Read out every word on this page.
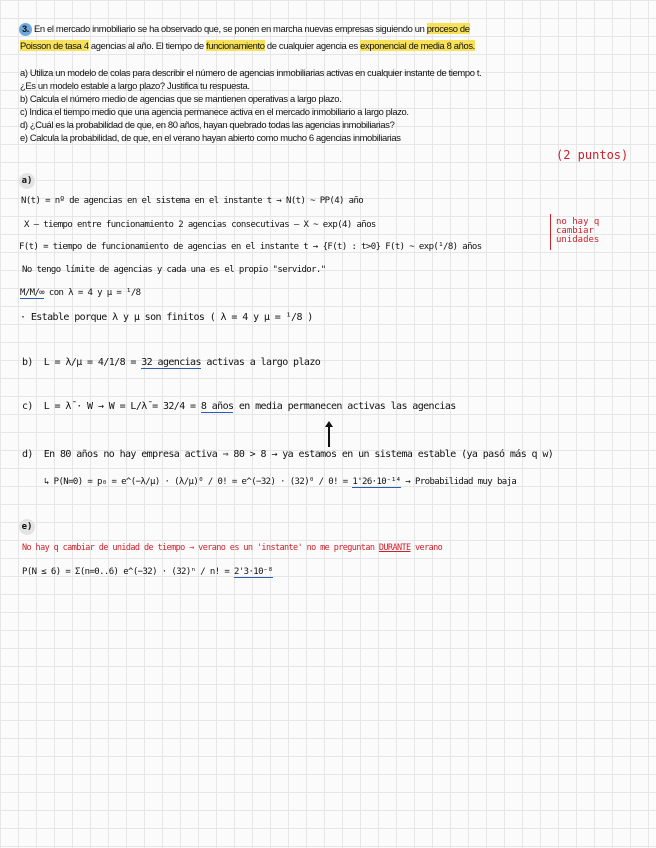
3. En el mercado inmobiliario se ha observado que, se ponen en marcha nuevas empresas siguiendo un proceso de
Poisson de tasa 4 agencias al año. El tiempo de funcionamiento de cualquier agencia es exponencial de media 8 años.
a) Utiliza un modelo de colas para describir el número de agencias inmobiliarias activas en cualquier instante de tiempo t.
¿Es un modelo estable a largo plazo? Justifica tu respuesta.
b) Calcula el número medio de agencias que se mantienen operativas a largo plazo.
c) Indica el tiempo medio que una agencia permanece activa en el mercado inmobiliario a largo plazo.
d) ¿Cuál es la probabilidad de que, en 80 años, hayan quebrado todas las agencias inmobiliarias?
e) Calcula la probabilidad, de que, en el verano hayan abierto como mucho 6 agencias inmobiliarias
(2 puntos)
a)
N(t) = nº de agencias en el sistema en el instante t → N(t) ~ PP(4) año
X – tiempo entre funcionamiento 2 agencias consecutivas – X ~ exp(4) años
F(t) = tiempo de funcionamiento de agencias en el instante t → {F(t) : t>0} F(t) ~ exp(¹/8) años
No tengo límite de agencias y cada una es el propio "servidor."
M/M/∞ con λ = 4 y μ = ¹/8
· Estable porque λ y μ son finitos ( λ = 4 y μ = ¹/8 )
no hay q
cambiar
unidades
b) L = λ/μ = 4/1/8 = 32 agencias activas a largo plazo
c) L = λ̄ · W → W = L/λ̄ = 32/4 = 8 años en media permanecen activas las agencias
d) En 80 años no hay empresa activa ⇒ 80 > 8 → ya estamos en un sistema estable (ya pasó más q w)
↳ P(N=0) = p₀ = e^(−λ/μ) · (λ/μ)⁰ / 0! = e^(−32) · (32)⁰ / 0! = 1'26·10⁻¹⁴ → Probabilidad muy baja
e)
No hay q cambiar de unidad de tiempo → verano es un 'instante' no me preguntan DURANTE verano
P(N ≤ 6) = Σ(n=0..6) e^(−32) · (32)ⁿ / n! = 2'3·10⁻⁸
